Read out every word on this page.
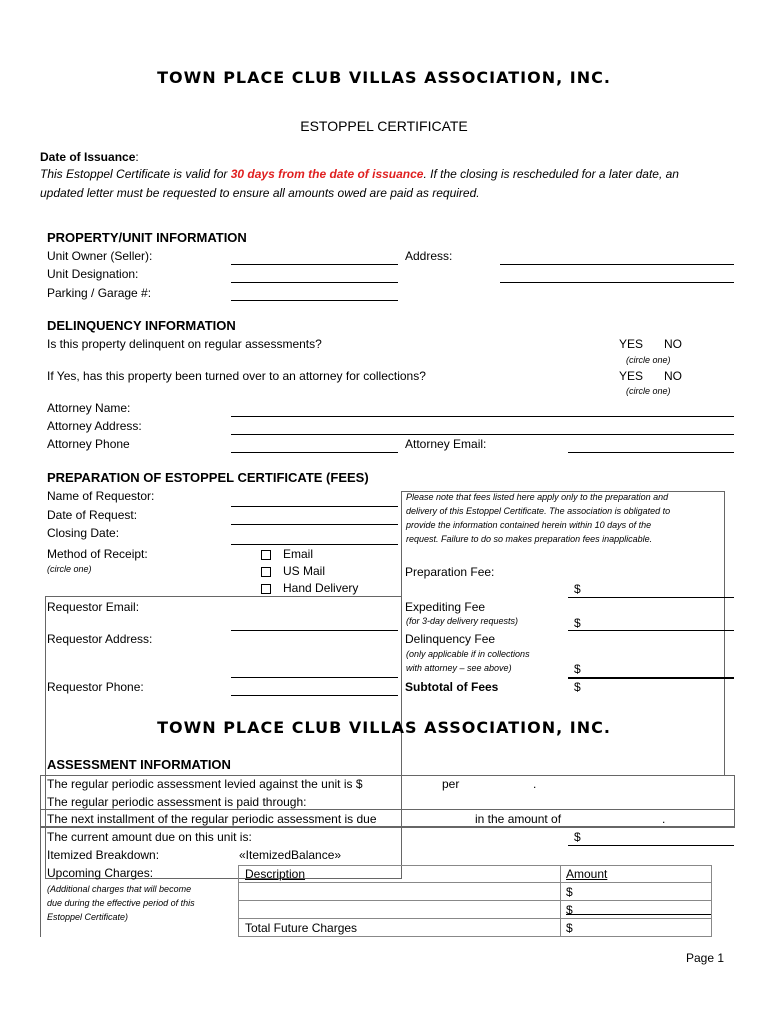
TOWN PLACE CLUB VILLAS ASSOCIATION, INC.
ESTOPPEL CERTIFICATE
Date of Issuance:
This Estoppel Certificate is valid for 30 days from the date of issuance. If the closing is rescheduled for a later date, an
updated letter must be requested to ensure all amounts owed are paid as required.
PROPERTY/UNIT INFORMATION
Unit Owner (Seller):
Unit Designation:
Parking / Garage #:
Address:
DELINQUENCY INFORMATION
Is this property delinquent on regular assessments?	YES NO
(circle one)
If Yes, has this property been turned over to an attorney for collections?	YES NO
(circle one)
Attorney Name:
Attorney Address:
Attorney Phone	Attorney Email:
PREPARATION OF ESTOPPEL CERTIFICATE (FEES)
Name of Requestor:
Date of Request:
Closing Date:
Method of Receipt:
(circle one)
Email
US Mail
Hand Delivery
Please note that fees listed here apply only to the preparation and
delivery of this Estoppel Certificate. The association is obligated to
provide the information contained herein within 10 days of the
request. Failure to do so makes preparation fees inapplicable.
Preparation Fee:
$
Expediting Fee
(for 3-day delivery requests)	$
Delinquency Fee
(only applicable if in collections
with attorney – see above)	$
Subtotal of Fees	$
Requestor Email:
Requestor Address:
Requestor Phone:
TOWN PLACE CLUB VILLAS ASSOCIATION, INC.
ASSESSMENT INFORMATION
The regular periodic assessment levied against the unit is $	per	.
The regular periodic assessment is paid through:
The next installment of the regular periodic assessment is due	in the amount of	.
The current amount due on this unit is:	$
Itemized Breakdown:	«ItemizedBalance»
Upcoming Charges:
(Additional charges that will become
due during the effective period of this
Estoppel Certificate)
Description	Amount
$
$
Total Future Charges	$
Page 1
